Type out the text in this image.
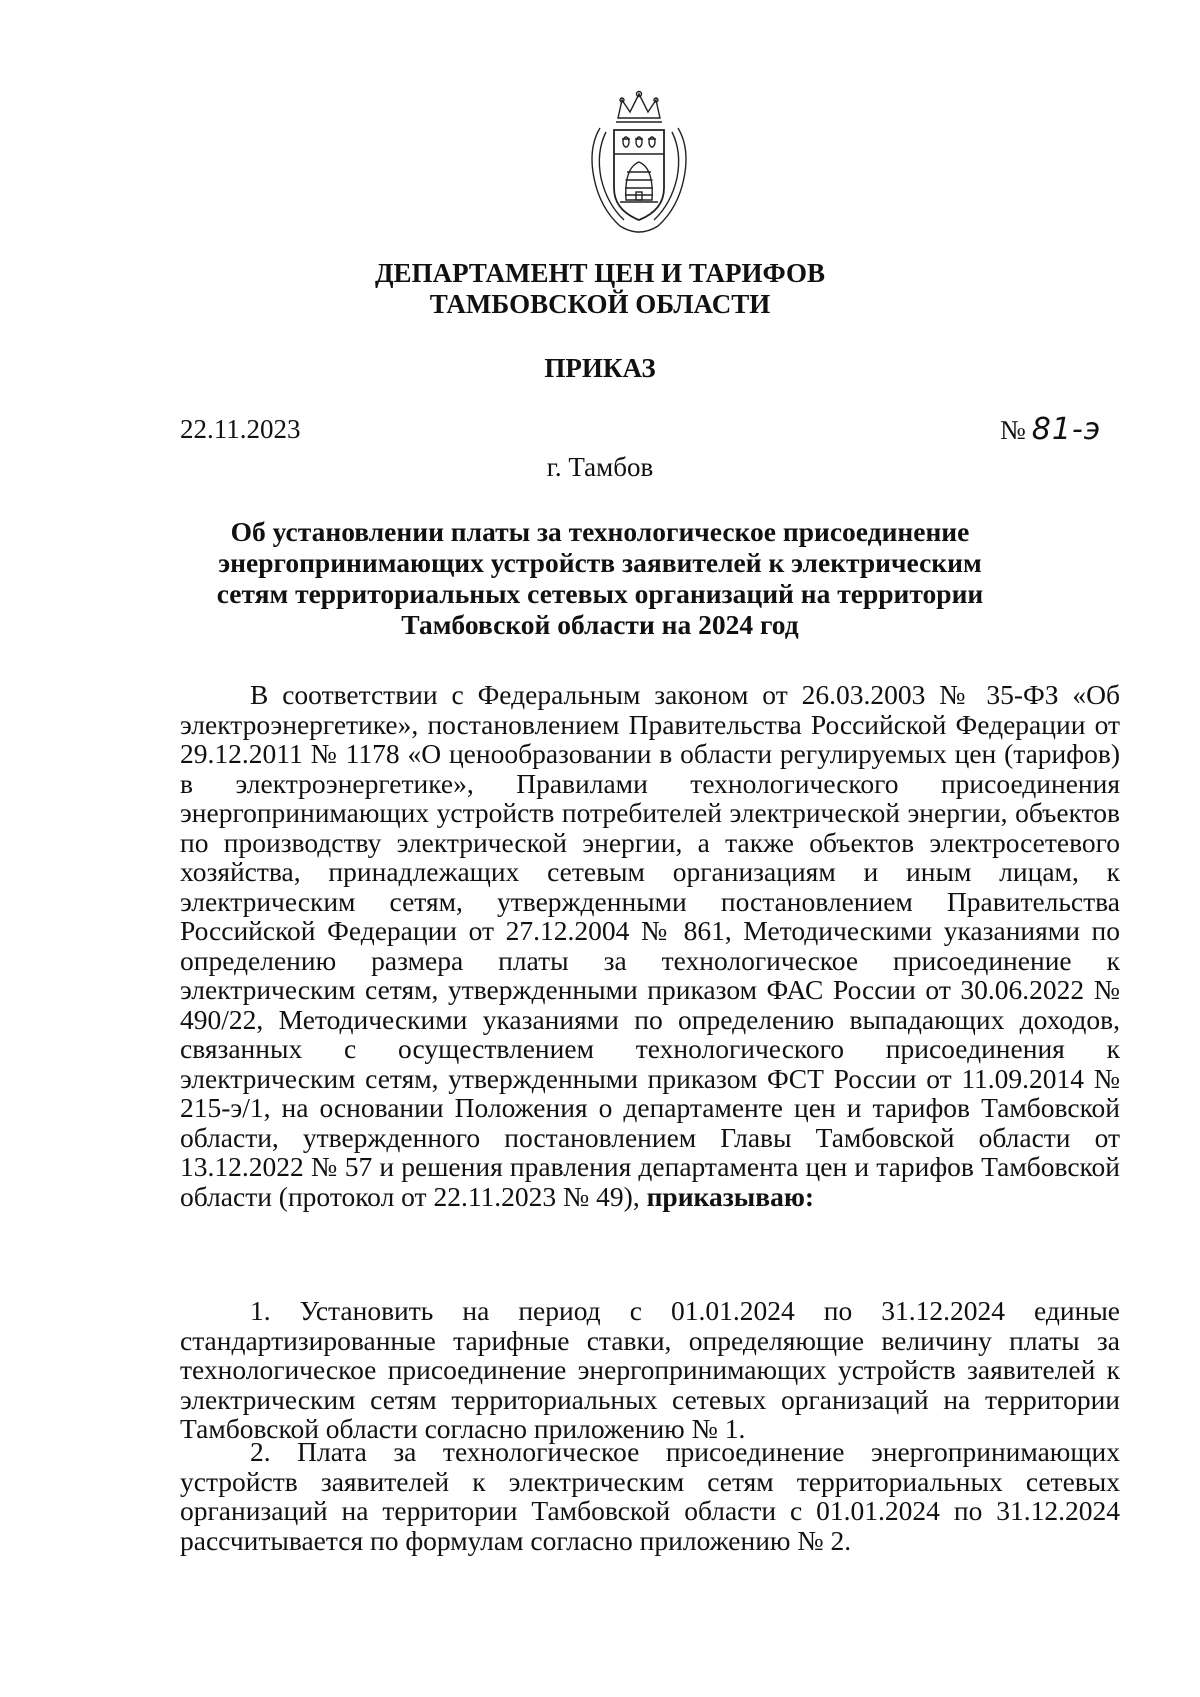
ДЕПАРТАМЕНТ ЦЕН И ТАРИФОВ
ТАМБОВСКОЙ ОБЛАСТИ
ПРИКАЗ
22.11.2023	№ 81-э
г. Тамбов
Об установлении платы за технологическое присоединение энергопринимающих устройств заявителей к электрическим сетям территориальных сетевых организаций на территории Тамбовской области на 2024 год
В соответствии с Федеральным законом от 26.03.2003 № 35-ФЗ «Об электроэнергетике», постановлением Правительства Российской Федерации от 29.12.2011 № 1178 «О ценообразовании в области регулируемых цен (тарифов) в электроэнергетике», Правилами технологического присоединения энергопринимающих устройств потребителей электрической энергии, объектов по производству электрической энергии, а также объектов электросетевого хозяйства, принадлежащих сетевым организациям и иным лицам, к электрическим сетям, утвержденными постановлением Правительства Российской Федерации от 27.12.2004 № 861, Методическими указаниями по определению размера платы за технологическое присоединение к электрическим сетям, утвержденными приказом ФАС России от 30.06.2022 № 490/22, Методическими указаниями по определению выпадающих доходов, связанных с осуществлением технологического присоединения к электрическим сетям, утвержденными приказом ФСТ России от 11.09.2014 № 215-э/1, на основании Положения о департаменте цен и тарифов Тамбовской области, утвержденного постановлением Главы Тамбовской области от 13.12.2022 № 57 и решения правления департамента цен и тарифов Тамбовской области (протокол от 22.11.2023 № 49), приказываю:
1. Установить на период с 01.01.2024 по 31.12.2024 единые стандартизированные тарифные ставки, определяющие величину платы за технологическое присоединение энергопринимающих устройств заявителей к электрическим сетям территориальных сетевых организаций на территории Тамбовской области согласно приложению № 1.
2. Плата за технологическое присоединение энергопринимающих устройств заявителей к электрическим сетям территориальных сетевых организаций на территории Тамбовской области с 01.01.2024 по 31.12.2024 рассчитывается по формулам согласно приложению № 2.
